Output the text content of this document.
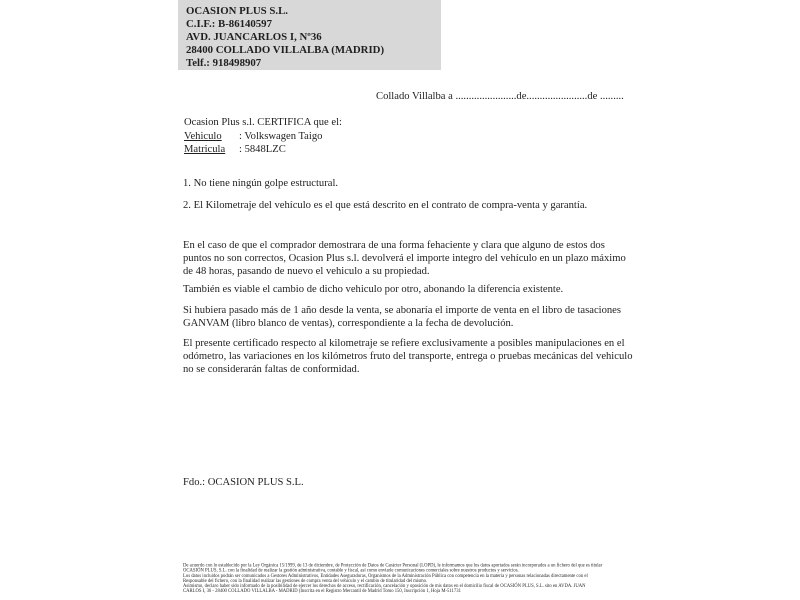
OCASION PLUS S.L.
C.I.F.: B-86140597
AVD. JUANCARLOS I, Nº36
28400 COLLADO VILLALBA (MADRID)
Telf.: 918498907
Collado Villalba a .......................de.......................de .........
Ocasion Plus s.l. CERTIFICA que el:
Vehiculo : Volkswagen Taigo
Matricula : 5848LZC
1. No tiene ningún golpe estructural.
2. El Kilometraje del vehículo es el que está descrito en el contrato de compra-venta y garantía.
En el caso de que el comprador demostrara de una forma fehaciente y clara que alguno de estos dos puntos no son correctos, Ocasion Plus s.l. devolverá el importe integro del vehículo en un plazo máximo de 48 horas, pasando de nuevo el vehiculo a su propiedad.
También es viable el cambio de dicho vehiculo por otro, abonando la diferencia existente.
Si hubiera pasado más de 1 año desde la venta, se abonaría el importe de venta en el libro de tasaciones GANVAM (libro blanco de ventas), correspondiente a la fecha de devolución.
El presente certificado respecto al kilometraje se refiere exclusivamente a posibles manipulaciones en el odómetro, las variaciones en los kilómetros fruto del transporte, entrega o pruebas mecánicas del vehiculo no se considerarán faltas de conformidad.
Fdo.: OCASION PLUS S.L.
De acuerdo con lo establecido por la Ley Orgánica 15/1999, de 13 de diciembre, de Protección de Datos de Carácter Personal (LOPD), le informamos que los datos aportados serán incorporados a un fichero del que es titular
OCASIÓN PLUS, S.L. con la finalidad de realizar la gestión administrativa, contable y fiscal, así como enviarle comunicaciones comerciales sobre nuestros productos y servicios.
Los datos incluidos podrán ser comunicados a Gestores Administrativos, Entidades Aseguradoras, Organismos de la Administración Pública con competencia en la materia y personas relacionadas directamente con el
Responsable del fichero, con la finalidad realizar las gestiones de compra venta del vehículo y el cambio de titularidad del mismo.
Asimismo, declaro haber sido informado de la posibilidad de ejercer los derechos de acceso, rectificación, cancelación y oposición de mis datos en el domicilio fiscal de OCASIÓN PLUS, S.L. sito en AVDA. JUAN
CARLOS I, 36 - 28400 COLLADO VILLALBA - MADRID (Inscrita en el Registro Mercantil de Madrid Tomo 150, Inscripción 1, Hoja M-511731
